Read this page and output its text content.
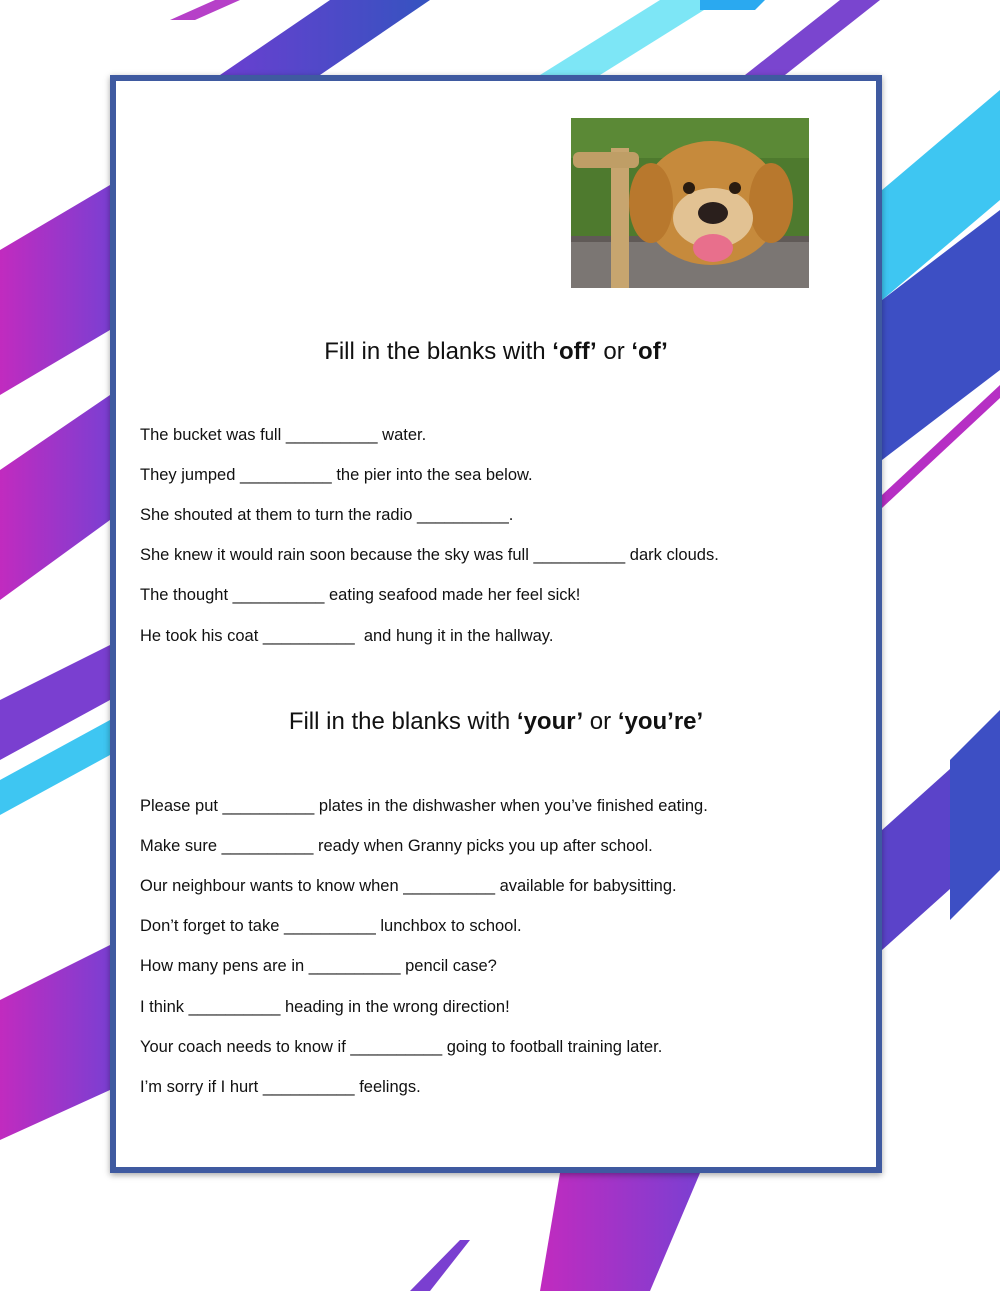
Fill in the blanks with ‘off’ or ‘of’
The bucket was full __________ water.
They jumped __________ the pier into the sea below.
She shouted at them to turn the radio __________.
She knew it would rain soon because the sky was full __________ dark clouds.
The thought __________ eating seafood made her feel sick!
He took his coat __________  and hung it in the hallway.
Fill in the blanks with ‘your’ or ‘you’re’
Please put __________ plates in the dishwasher when you’ve finished eating.
Make sure __________ ready when Granny picks you up after school.
Our neighbour wants to know when __________ available for babysitting.
Don’t forget to take __________ lunchbox to school.
How many pens are in __________ pencil case?
I think __________ heading in the wrong direction!
Your coach needs to know if __________ going to football training later.
I’m sorry if I hurt __________ feelings.
